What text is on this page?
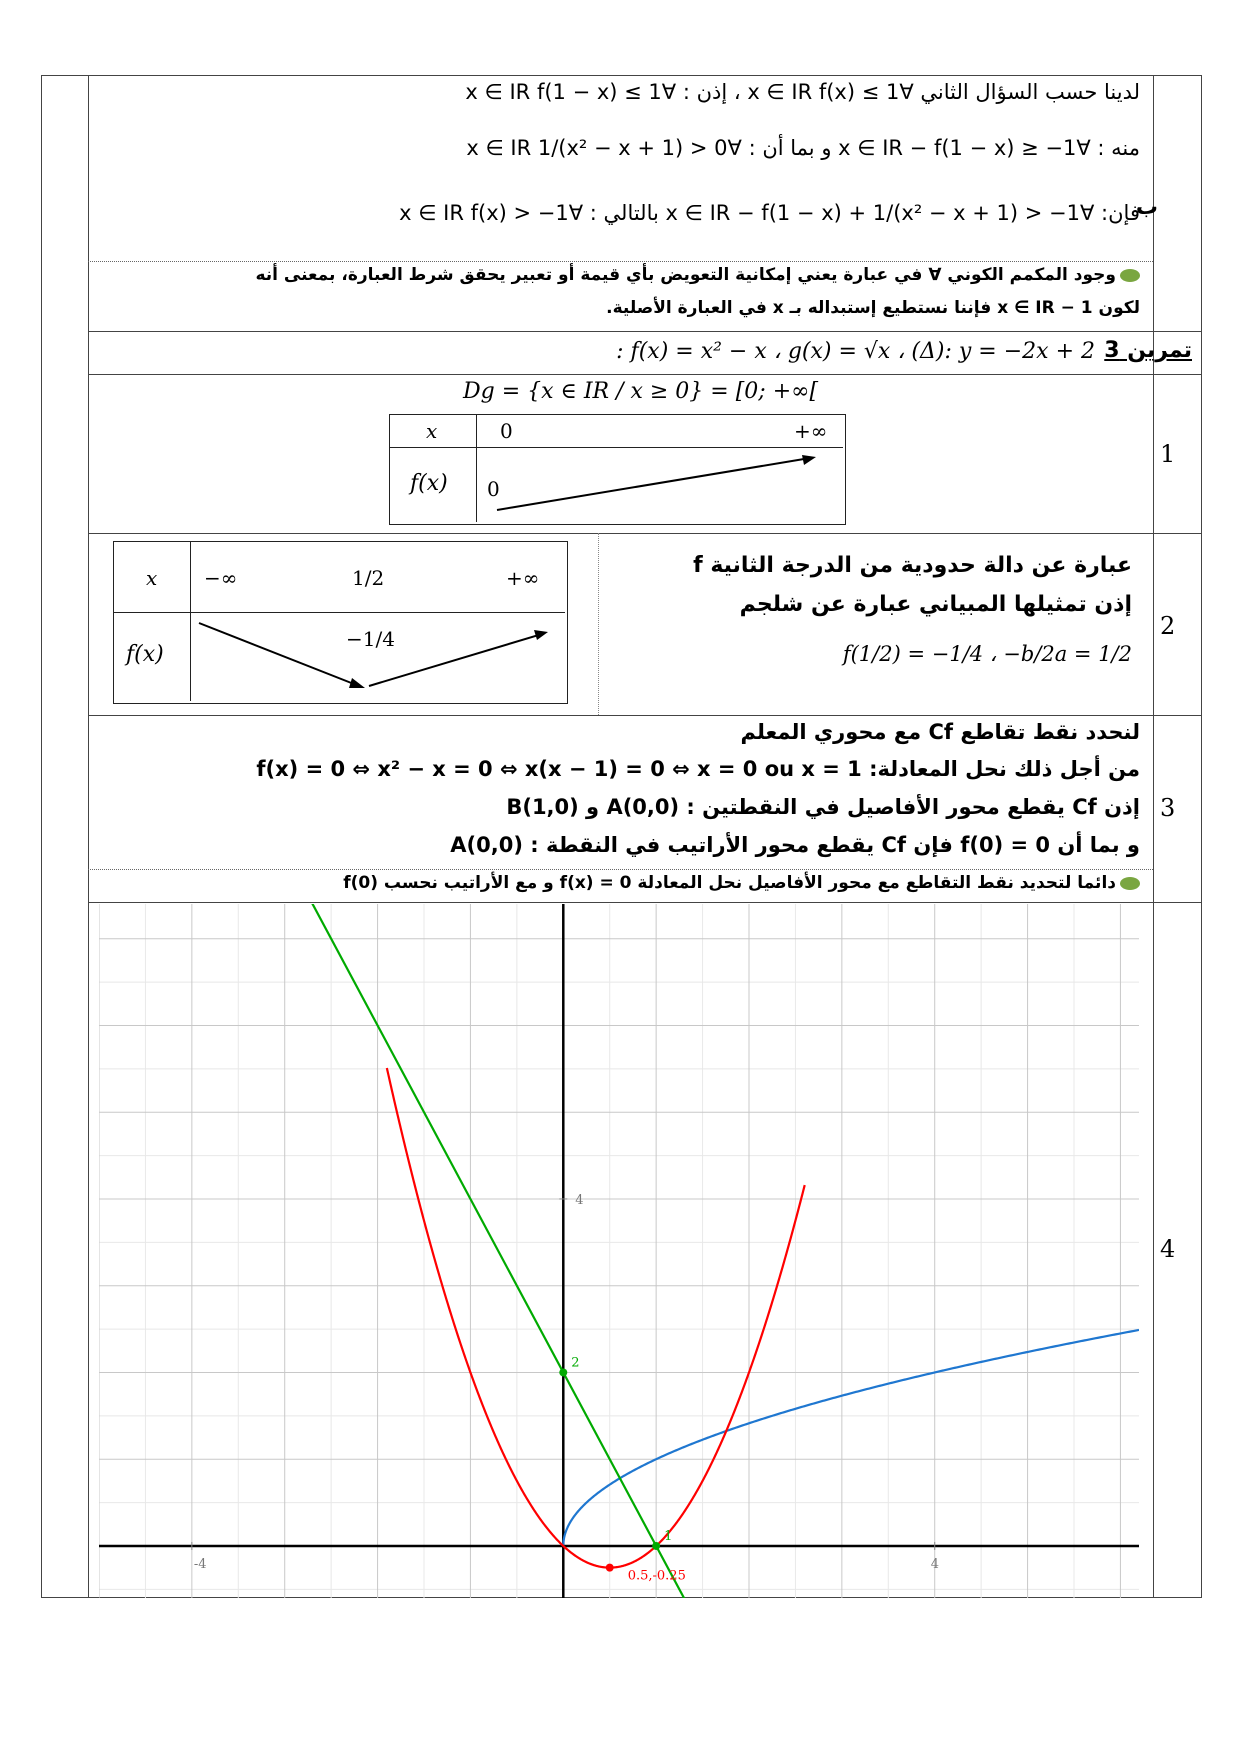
ب
لدينا حسب السؤال الثاني ∀x ∈ IR f(x) ≤ 1 ، إذن : ∀x ∈ IR f(1 − x) ≤ 1
منه : ∀x ∈ IR − f(1 − x) ≥ −1 و بما أن : ∀x ∈ IR 1/(x² − x + 1) > 0
فإن: ∀x ∈ IR − f(1 − x) + 1/(x² − x + 1) > −1 بالتالي : ∀x ∈ IR f(x) > −1
وجود المكمم الكوني ∀ في عبارة يعني إمكانية التعويض بأي قيمة أو تعبير يحقق شرط العبارة، بمعنى أنه
لكون 1 − x ∈ IR فإننا نستطيع إستبداله بـ x في العبارة الأصلية.
تمرين 3
: f(x) = x² − x ، g(x) = √x ، (Δ): y = −2x + 2
1
Dg = {x ∈ IR / x ≥ 0} = [0; +∞[
x	0	+∞
f(x) 0
2
f عبارة عن دالة حدودية من الدرجة الثانية
إذن تمثيلها المبياني عبارة عن شلجم
f(1/2) = −1/4 ، −b/2a = 1/2
x −∞	1/2	+∞
f(x)
−1/4
3
لنحدد نقط تقاطع Cf مع محوري المعلم
من أجل ذلك نحل المعادلة: f(x) = 0 ⇔ x² − x = 0 ⇔ x(x − 1) = 0 ⇔ x = 0 ou x = 1
إذن Cf يقطع محور الأفاصيل في النقطتين : A(0,0) و B(1,0)
و بما أن f(0) = 0 فإن Cf يقطع محور الأراتيب في النقطة : A(0,0)
دائما لتحديد نقط التقاطع مع محور الأفاصيل نحل المعادلة f(x) = 0 و مع الأراتيب نحسب f(0)
4
-4	4
4
2
1
0.5,-0.25
